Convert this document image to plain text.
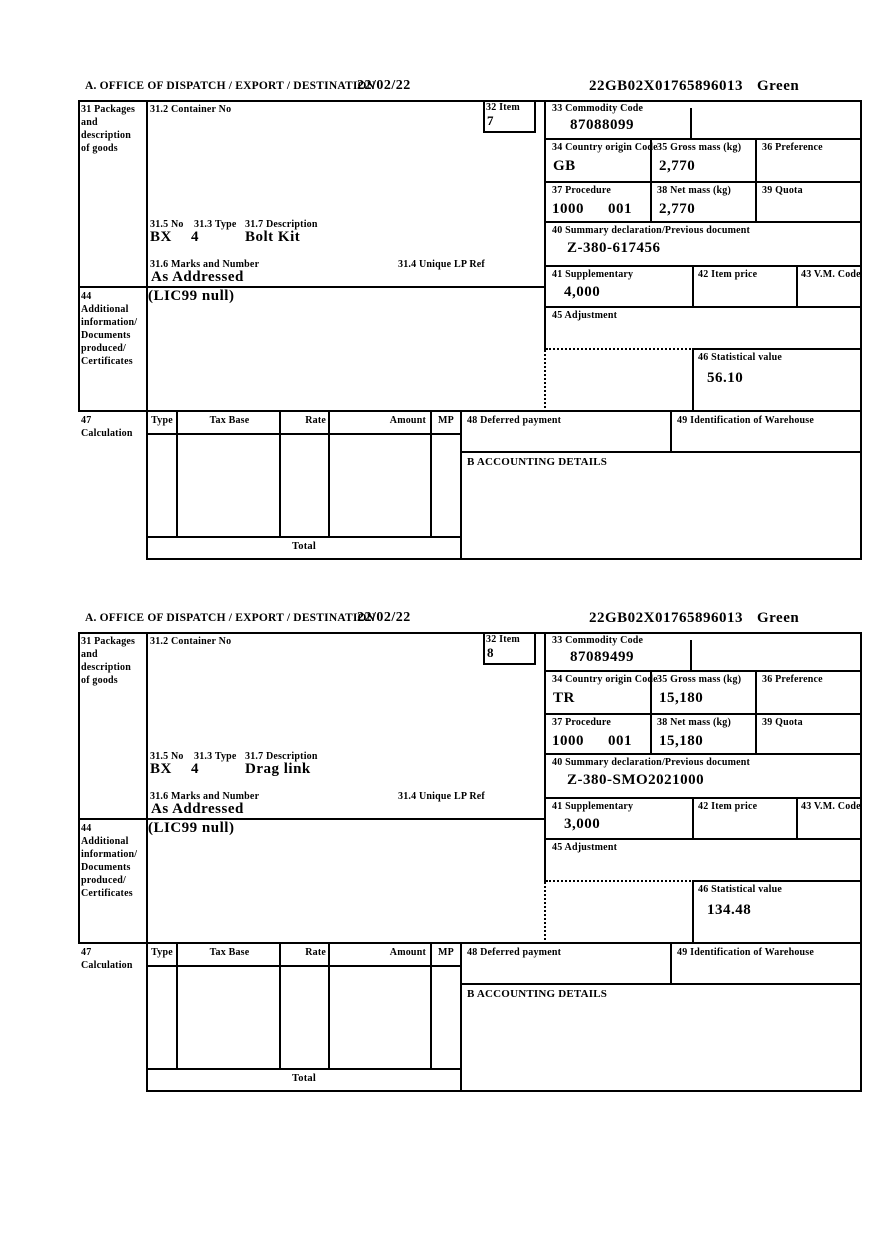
A. OFFICE OF DISPATCH / EXPORT / DESTINATION
22/02/22	22GB02X01765896013 Green
31 Packages
and
description
of goods
31.2 Container No	32 Item
7
33 Commodity Code
87088099
34 Country origin Code
GB
35 Gross mass (kg)
2,770
36 Preference
37 Procedure
1000 001
38 Net mass (kg)
2,770
39 Quota
40 Summary declaration/Previous document
Z-380-617456
41 Supplementary
4,000
42 Item price	43 V.M. Code
45 Adjustment
46 Statistical value
56.10
31.5 No 31.3 Type 31.7 Description
BX 4	Bolt Kit
31.6 Marks and Number	31.4 Unique LP Ref
As Addressed
44
Additional
information/
Documents
produced/
Certificates
(LIC99 null)
47
Calculation
Type	Tax Base	Rate	Amount	MP
Total
48 Deferred payment	49 Identification of Warehouse
B ACCOUNTING DETAILS
A. OFFICE OF DISPATCH / EXPORT / DESTINATION
22/02/22	22GB02X01765896013 Green
31 Packages
and
description
of goods
31.2 Container No	32 Item
8
33 Commodity Code
87089499
34 Country origin Code
TR
35 Gross mass (kg)
15,180
36 Preference
37 Procedure
1000 001
38 Net mass (kg)
15,180
39 Quota
40 Summary declaration/Previous document
Z-380-SMO2021000
41 Supplementary
3,000
42 Item price	43 V.M. Code
45 Adjustment
46 Statistical value
134.48
31.5 No 31.3 Type 31.7 Description
BX 4	Drag link
31.6 Marks and Number	31.4 Unique LP Ref
As Addressed
44
Additional
information/
Documents
produced/
Certificates
(LIC99 null)
47
Calculation
Type	Tax Base	Rate	Amount	MP
Total
48 Deferred payment	49 Identification of Warehouse
B ACCOUNTING DETAILS
